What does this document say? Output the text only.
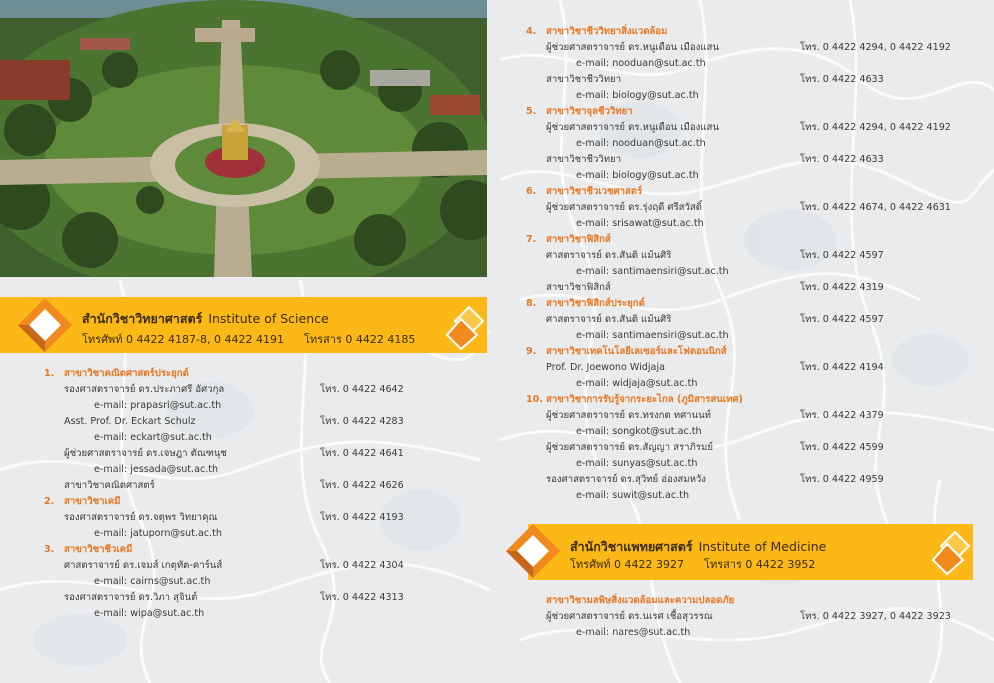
สำนักวิชาวิทยาศาสตร์ Institute of Science
โทรศัพท์ 0 4422 4187-8, 0 4422 4191 โทรสาร 0 4422 4185
สำนักวิชาแพทยศาสตร์ Institute of Medicine
โทรศัพท์ 0 4422 3927 โทรสาร 0 4422 3952
1.	สาขาวิชาคณิตศาสตร์ประยุกต์
รองศาสตราจารย์ ดร.ประภาศรี อัศวกุล	โทร. 0 4422 4642
e-mail: prapasri@sut.ac.th
Asst. Prof. Dr. Eckart Schulz	โทร. 0 4422 4283
e-mail: eckart@sut.ac.th
ผู้ช่วยศาสตราจารย์ ดร.เจษฎา ตัณฑนุช	โทร. 0 4422 4641
e-mail: jessada@sut.ac.th
สาขาวิชาคณิตศาสตร์	โทร. 0 4422 4626
2.	สาขาวิชาเคมี
รองศาสตราจารย์ ดร.จตุพร วิทยาคุณ	โทร. 0 4422 4193
e-mail: jatuporn@sut.ac.th
3.	สาขาวิชาชีวเคมี
ศาสตราจารย์ ดร.เจมส์ เกตุทัต-คาร์นส์	โทร. 0 4422 4304
e-mail: cairns@sut.ac.th
รองศาสตราจารย์ ดร.วิภา สุจินต์	โทร. 0 4422 4313
e-mail: wipa@sut.ac.th
4.	สาขาวิชาชีววิทยาสิ่งแวดล้อม
ผู้ช่วยศาสตราจารย์ ดร.หนูเดือน เมืองแสน	โทร. 0 4422 4294, 0 4422 4192
e-mail: nooduan@sut.ac.th
สาขาวิชาชีววิทยา	โทร. 0 4422 4633
e-mail: biology@sut.ac.th
5.	สาขาวิชาจุลชีววิทยา
ผู้ช่วยศาสตราจารย์ ดร.หนูเดือน เมืองแสน	โทร. 0 4422 4294, 0 4422 4192
e-mail: nooduan@sut.ac.th
สาขาวิชาชีววิทยา	โทร. 0 4422 4633
e-mail: biology@sut.ac.th
6.	สาขาวิชาชีวเวชศาสตร์
ผู้ช่วยศาสตราจารย์ ดร.รุ่งฤดี ศรีสวัสดิ์	โทร. 0 4422 4674, 0 4422 4631
e-mail: srisawat@sut.ac.th
7.	สาขาวิชาฟิสิกส์
ศาสตราจารย์ ดร.สันติ แม้นศิริ	โทร. 0 4422 4597
e-mail: santimaensiri@sut.ac.th
สาขาวิชาฟิสิกส์	โทร. 0 4422 4319
8.	สาขาวิชาฟิสิกส์ประยุกต์
ศาสตราจารย์ ดร.สันติ แม้นศิริ	โทร. 0 4422 4597
e-mail: santimaensiri@sut.ac.th
9.	สาขาวิชาเทคโนโลยีเลเซอร์และโฟตอนนิกส์
Prof. Dr. Joewono Widjaja	โทร. 0 4422 4194
e-mail: widjaja@sut.ac.th
10. สาขาวิชาการรับรู้จากระยะไกล (ภูมิสารสนเทศ)
ผู้ช่วยศาสตราจารย์ ดร.ทรงกต ทศานนท์	โทร. 0 4422 4379
e-mail: songkot@sut.ac.th
ผู้ช่วยศาสตราจารย์ ดร.สัญญา สราภิรมย์	โทร. 0 4422 4599
e-mail: sunyas@sut.ac.th
รองศาสตราจารย์ ดร.สุวิทย์ อ่องสมหวัง	โทร. 0 4422 4959
e-mail: suwit@sut.ac.th
สาขาวิชามลพิษสิ่งแวดล้อมและความปลอดภัย
ผู้ช่วยศาสตราจารย์ ดร.นเรศ เชื้อสุวรรณ	โทร. 0 4422 3927, 0 4422 3923
e-mail: nares@sut.ac.th
